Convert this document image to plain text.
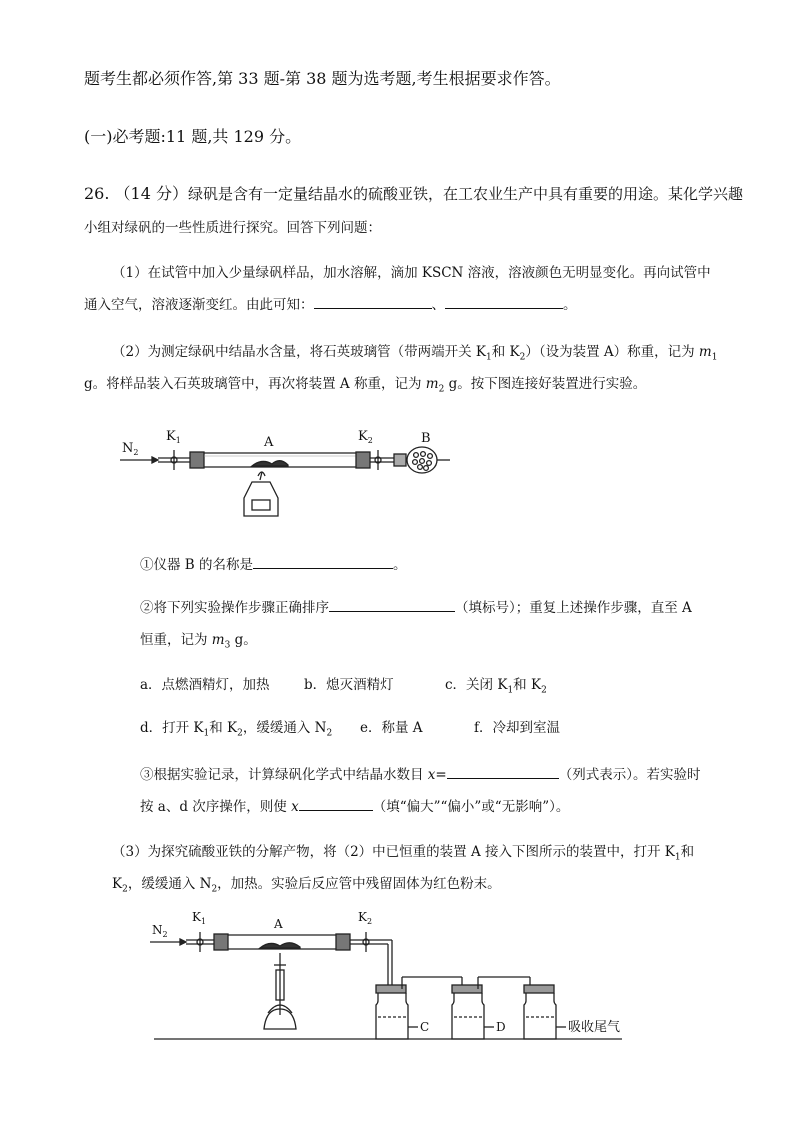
题考生都必须作答,第 33 题-第 38 题为选考题,考生根据要求作答。
(一)必考题:11 题,共 129 分。
26. （14 分）绿矾是含有一定量结晶水的硫酸亚铁，在工农业生产中具有重要的用途。某化学兴趣
小组对绿矾的一些性质进行探究。回答下列问题：
（1）在试管中加入少量绿矾样品，加水溶解，滴加 KSCN 溶液，溶液颜色无明显变化。再向试管中
通入空气，溶液逐渐变红。由此可知：	、	。
（2）为测定绿矾中结晶水含量，将石英玻璃管（带两端开关 $K_1$和 $K_2$）（设为装置 A）称重，记为 $m_1$
g。将样品装入石英玻璃管中，再次将装置 A 称重，记为 $m_2$ g。按下图连接好装置进行实验。
$N_2$
$K_1$	A	$K_2$	B
①仪器 B 的名称是	。
②将下列实验操作步骤正确排序	（填标号）；重复上述操作步骤，直至 A
恒重，记为 $m_3$ g。
a．点燃酒精灯，加热	b．熄灭酒精灯	c．关闭 $K_1$和 $K_2$
d．打开 $K_1$和 $K_2$，缓缓通入 $N_2$ e．称量 A	f．冷却到室温
③根据实验记录，计算绿矾化学式中结晶水数目 x=	（列式表示）。若实验时
按 a、d 次序操作，则使 x	（填“偏大”“偏小”或“无影响”）。
（3）为探究硫酸亚铁的分解产物，将（2）中已恒重的装置 A 接入下图所示的装置中，打开 $K_1$和
$K_2$，缓缓通入 $N_2$，加热。实验后反应管中残留固体为红色粉末。
$N_2$
$K_1$	A	$K_2$
C	D	吸收尾气
